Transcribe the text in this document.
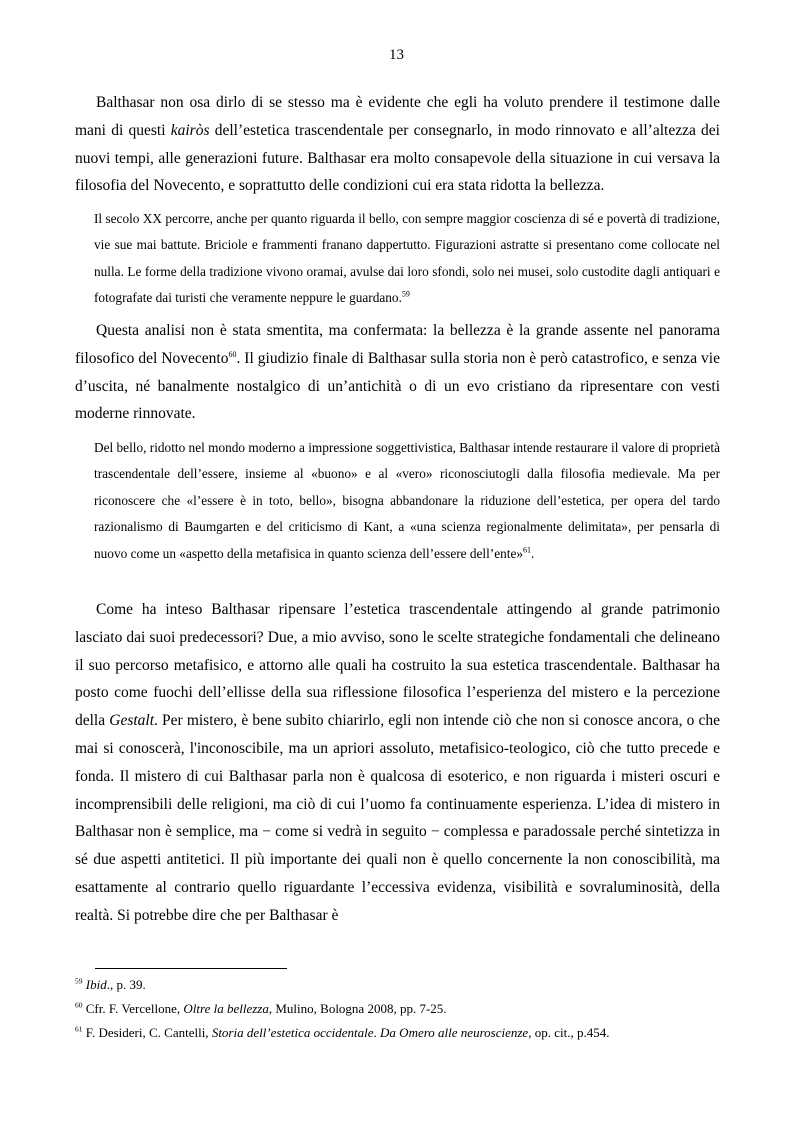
13

Balthasar non osa dirlo di se stesso ma è evidente che egli ha voluto prendere il testimone dalle mani di questi kairòs dell’estetica trascendentale per consegnarlo, in modo rinnovato e all’altezza dei nuovi tempi, alle generazioni future. Balthasar era molto consapevole della situazione in cui versava la filosofia del Novecento, e soprattutto delle condizioni cui era stata ridotta la bellezza.

Il secolo XX percorre, anche per quanto riguarda il bello, con sempre maggior coscienza di sé e povertà di tradizione, vie sue mai battute. Briciole e frammenti franano dappertutto. Figurazioni astratte si presentano come collocate nel nulla. Le forme della tradizione vivono oramai, avulse dai loro sfondi, solo nei musei, solo custodite dagli antiquari e fotografate dai turisti che veramente neppure le guardano.$^{59}$

Questa analisi non è stata smentita, ma confermata: la bellezza è la grande assente nel panorama filosofico del Novecento$^{60}$. Il giudizio finale di Balthasar sulla storia non è però catastrofico, e senza vie d’uscita, né banalmente nostalgico di un’antichità o di un evo cristiano da ripresentare con vesti moderne rinnovate.

Del bello, ridotto nel mondo moderno a impressione soggettivistica, Balthasar intende restaurare il valore di proprietà trascendentale dell’essere, insieme al «buono» e al «vero» riconosciutogli dalla filosofia medievale. Ma per riconoscere che «l’essere è in toto, bello», bisogna abbandonare la riduzione dell’estetica, per opera del tardo razionalismo di Baumgarten e del criticismo di Kant, a «una scienza regionalmente delimitata», per pensarla di nuovo come un «aspetto della metafisica in quanto scienza dell’essere dell’ente»$^{61}$.

Come ha inteso Balthasar ripensare l’estetica trascendentale attingendo al grande patrimonio lasciato dai suoi predecessori? Due, a mio avviso, sono le scelte strategiche fondamentali che delineano il suo percorso metafisico, e attorno alle quali ha costruito la sua estetica trascendentale. Balthasar ha posto come fuochi dell’ellisse della sua riflessione filosofica l’esperienza del mistero e la percezione della Gestalt. Per mistero, è bene subito chiarirlo, egli non intende ciò che non si conosce ancora, o che mai si conoscerà, l'inconoscibile, ma un apriori assoluto, metafisico-teologico, ciò che tutto precede e fonda. Il mistero di cui Balthasar parla non è qualcosa di esoterico, e non riguarda i misteri oscuri e incomprensibili delle religioni, ma ciò di cui l’uomo fa continuamente esperienza. L’idea di mistero in Balthasar non è semplice, ma − come si vedrà in seguito − complessa e paradossale perché sintetizza in sé due aspetti antitetici. Il più importante dei quali non è quello concernente la non conoscibilità, ma esattamente al contrario quello riguardante l’eccessiva evidenza, visibilità e sovraluminosità, della realtà. Si potrebbe dire che per Balthasar è

$^{59}$ Ibid., p. 39.

$^{60}$ Cfr. F. Vercellone, Oltre la bellezza, Mulino, Bologna 2008, pp. 7-25.

$^{61}$ F. Desideri, C. Cantelli, Storia dell’estetica occidentale. Da Omero alle neuroscienze, op. cit., p.454.
